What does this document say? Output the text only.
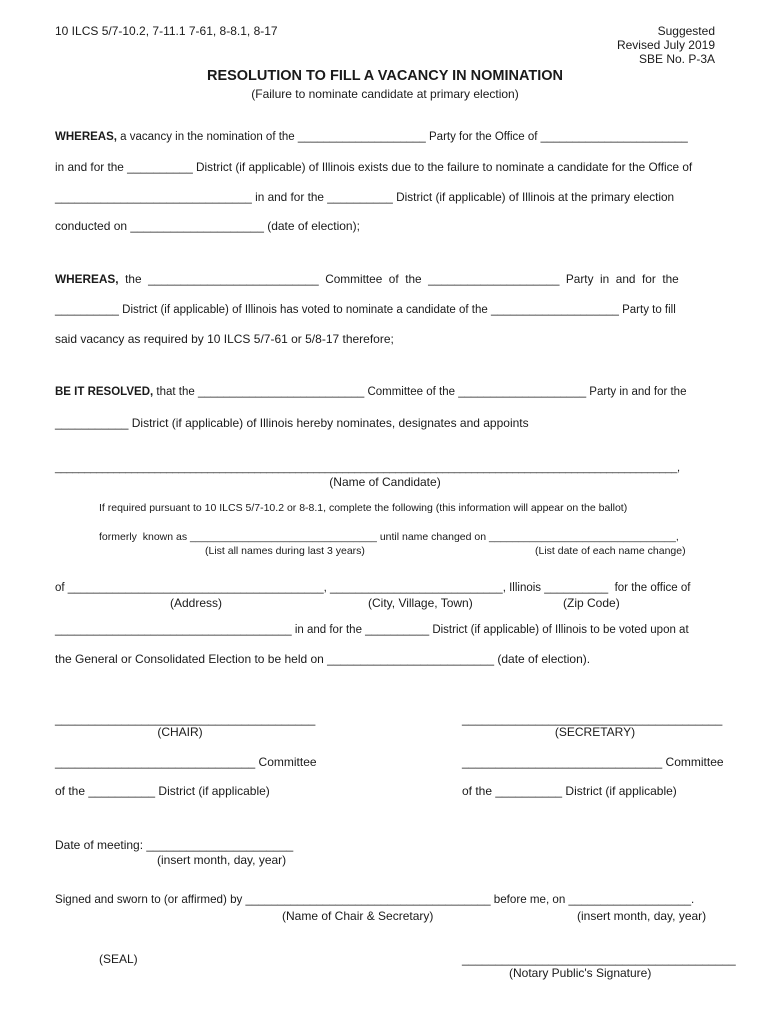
10 ILCS 5/7-10.2, 7-11.1 7-61, 8-8.1, 8-17	Suggested
Revised July 2019
SBE No. P-3A
RESOLUTION TO FILL A VACANCY IN NOMINATION
(Failure to nominate candidate at primary election)
WHEREAS, a vacancy in the nomination of the ____________________ Party for the Office of _______________________
in and for the __________ District (if applicable) of Illinois exists due to the failure to nominate a candidate for the Office of
______________________________ in and for the __________ District (if applicable) of Illinois at the primary election
conducted on ____________________ (date of election);
WHEREAS,  the  __________________________  Committee  of  the  ____________________  Party  in  and  for  the
__________ District (if applicable) of Illinois has voted to nominate a candidate of the ____________________ Party to fill
said vacancy as required by 10 ILCS 5/7-61 or 5/8-17 therefore;
BE IT RESOLVED, that the __________________________ Committee of the ____________________ Party in and for the
___________ District (if applicable) of Illinois hereby nominates, designates and appoints
__________________________________________________________________________________________________________,
(Name of Candidate)
If required pursuant to 10 ILCS 5/7-10.2 or 8-8.1, complete the following (this information will appear on the ballot)
formerly  known as ________________________________ until name changed on ________________________________,
(List all names during last 3 years)	(List date of each name change)
of ________________________________________, ___________________________, Illinois __________  for the office of
(Address)	(City, Village, Town)	(Zip Code)
_____________________________________ in and for the __________ District (if applicable) of Illinois to be voted upon at
the General or Consolidated Election to be held on _________________________ (date of election).
_______________________________________
(CHAIR)
_______________________________________
(SECRETARY)
______________________________ Committee	______________________________ Committee
of the __________ District (if applicable)	of the __________ District (if applicable)
Date of meeting: ______________________
(insert month, day, year)
Signed and sworn to (or affirmed) by ______________________________________ before me, on ___________________.
(Name of Chair & Secretary)	(insert month, day, year)
(SEAL)	_________________________________________
(Notary Public's Signature)
